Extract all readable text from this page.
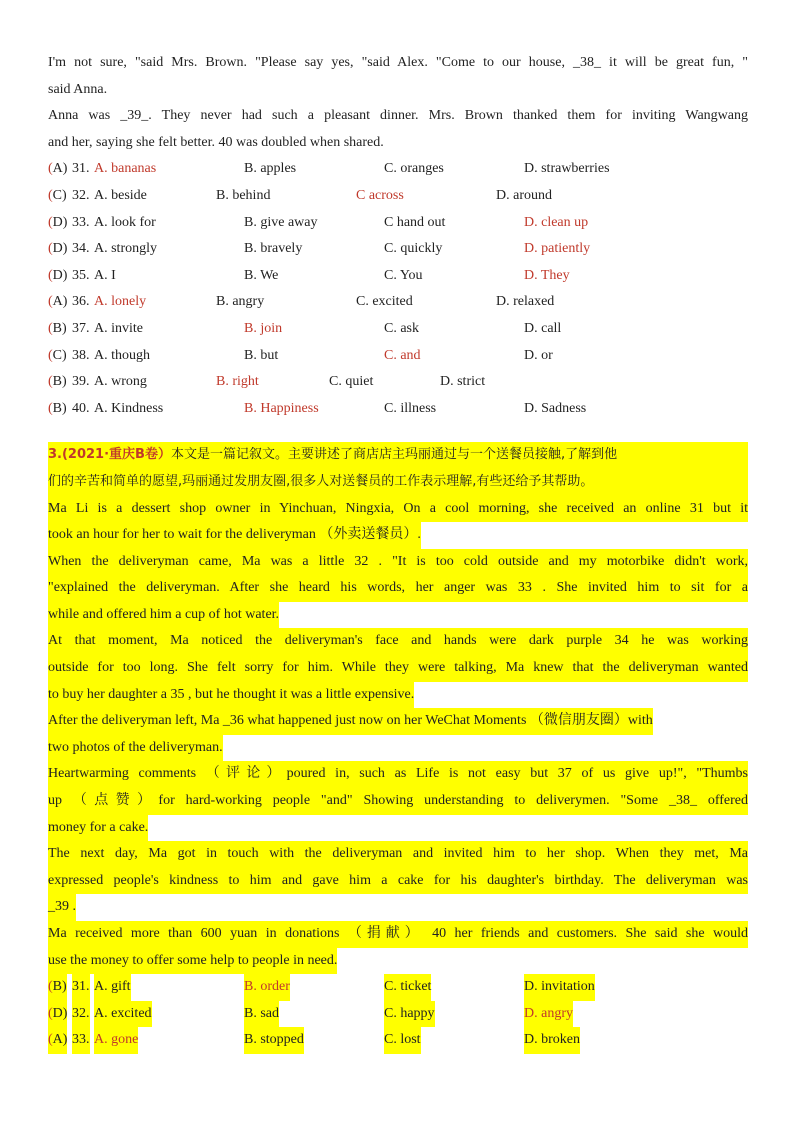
I'm not sure, "said Mrs. Brown. "Please say yes, "said Alex. "Come to our house, _38_ it will be great fun, "
said Anna.
Anna was _39_. They never had such a pleasant dinner. Mrs. Brown thanked them for inviting Wangwang
and her, saying she felt better. 40 was doubled when shared.
(A) 31. A. bananas	B. apples	C. oranges	D. strawberries
(C) 32. A. beside	B. behind	C across	D. around
(D) 33. A. look for	B. give away	C hand out	D. clean up
(D) 34. A. strongly	B. bravely	C. quickly	D. patiently
(D) 35. A. I	B. We	C. You	D. They
(A) 36. A. lonely	B. angry	C. excited	D. relaxed
(B) 37. A. invite	B. join	C. ask	D. call
(C) 38. A. though	B. but	C. and	D. or
(B) 39. A. wrong	B. right	C. quiet	D. strict
(B) 40. A. Kindness	B. Happiness	C. illness	D. Sadness
3.(2021·重庆B卷）本文是一篇记叙文。主要讲述了商店店主玛丽通过与一个送餐员接触,了解到他
们的辛苦和简单的愿望,玛丽通过发朋友圈,很多人对送餐员的工作表示理解,有些还给予其帮助。
Ma Li is a dessert shop owner in Yinchuan, Ningxia, On a cool morning, she received an online 31 but it
took an hour for her to wait for the deliveryman （外卖送餐员）.
When the deliveryman came, Ma was a little 32 . "It is too cold outside and my motorbike didn't work,
"explained the deliveryman. After she heard his words, her anger was 33 . She invited him to sit for a
while and offered him a cup of hot water.
At that moment, Ma noticed the deliveryman's face and hands were dark purple 34 he was working
outside for too long. She felt sorry for him. While they were talking, Ma knew that the deliveryman wanted
to buy her daughter a 35 , but he thought it was a little expensive.
After the deliveryman left, Ma _36 what happened just now on her WeChat Moments （微信朋友圈）with
two photos of the deliveryman.
Heartwarming comments （评论）poured in, such as Life is not easy but 37 of us give up!", "Thumbs
up （点赞）for hard-working people "and" Showing understanding to deliverymen. "Some _38_ offered
money for a cake.
The next day, Ma got in touch with the deliveryman and invited him to her shop. When they met, Ma
expressed people's kindness to him and gave him a cake for his daughter's birthday. The deliveryman was
_39 .
Ma received more than 600 yuan in donations （捐献） 40 her friends and customers. She said she would
use the money to offer some help to people in need.
(B) 31. A. gift	B. order	C. ticket	D. invitation
(D) 32. A. excited	B. sad	C. happy	D. angry
(A) 33. A. gone	B. stopped	C. lost	D. broken
